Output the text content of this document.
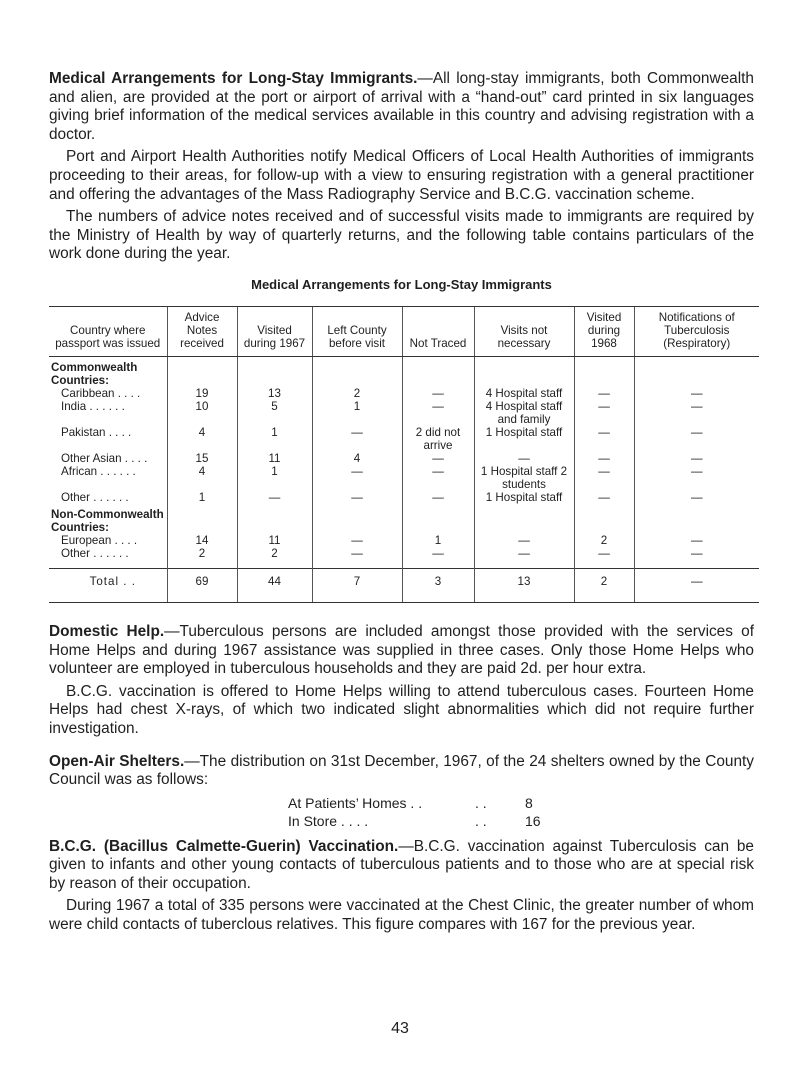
Medical Arrangements for Long-Stay Immigrants.—All long-stay immigrants, both Commonwealth and alien, are provided at the port or airport of arrival with a “hand-out” card printed in six languages giving brief information of the medical services available in this country and advising registration with a doctor.

Port and Airport Health Authorities notify Medical Officers of Local Health Authorities of immigrants proceeding to their areas, for follow-up with a view to ensuring registration with a general practitioner and offering the advantages of the Mass Radiography Service and B.C.G. vaccination scheme.

The numbers of advice notes received and of successful visits made to immigrants are required by the Ministry of Health by way of quarterly returns, and the following table contains particulars of the work done during the year.

Medical Arrangements for Long-Stay Immigrants
Country where passport was issued	Advice Notes received	Visited during 1967	Left County before visit	Not Traced	Visits not necessary	Visited during 1968	Notifications of Tuberculosis (Respiratory)
Commonwealth Countries:							
Caribbean . . . .	19	13	2	—	4 Hospital staff	—	—
India . . . . . .	10	5	1	—	4 Hospital staff and family	—	—
Pakistan . . . .	4	1	—	2 did not arrive	1 Hospital staff	—	—
Other Asian . . . .	15	11	4	—	—	—	—
African . . . . . .	4	1	—	—	1 Hospital staff 2 students	—	—
Other . . . . . .	1	—	—	—	1 Hospital staff	—	—
Non-Commonwealth Countries:							
European . . . .	14	11	—	1	—	2	—
Other . . . . . .	2	2	—	—	—	—	—
Total . .	69	44	7	3	13	2	—

Domestic Help.—Tuberculous persons are included amongst those provided with the services of Home Helps and during 1967 assistance was supplied in three cases. Only those Home Helps who volunteer are employed in tuberculous households and they are paid 2d. per hour extra.

B.C.G. vaccination is offered to Home Helps willing to attend tuberculous cases. Fourteen Home Helps had chest X-rays, of which two indicated slight abnormalities which did not require further investigation.

Open-Air Shelters.—The distribution on 31st December, 1967, of the 24 shelters owned by the County Council was as follows:

At Patients’ Homes . .	. .	8
In Store . . . .	. .	16

B.C.G. (Bacillus Calmette-Guerin) Vaccination.—B.C.G. vaccination against Tuberculosis can be given to infants and other young contacts of tuberculous patients and to those who are at special risk by reason of their occupation.

During 1967 a total of 335 persons were vaccinated at the Chest Clinic, the greater number of whom were child contacts of tuberclous relatives. This figure compares with 167 for the previous year.

43
